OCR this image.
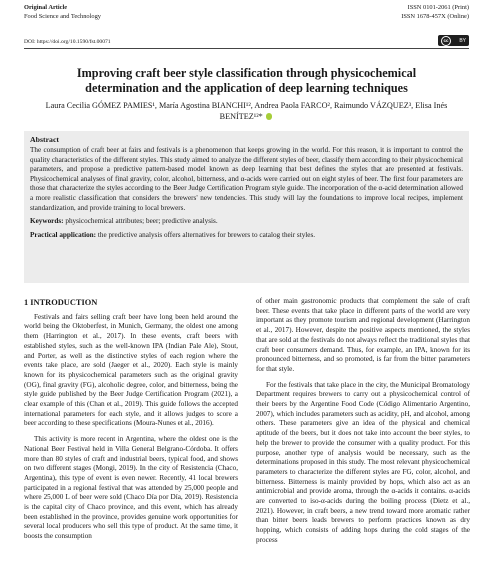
Original Article
Food Science and Technology
ISSN 0101-2061 (Print)
ISSN 1678-457X (Online)
DOI: https://doi.org/10.1590/fst.00071	cc	BY
Improving craft beer style classification through physicochemical determination and the application of deep learning techniques
Laura Cecilia GÓMEZ PAMIES¹, María Agostina BIANCHI¹², Andrea Paola FARCO², Raimundo VÁZQUEZ³, Elisa Inés BENÍTEZ¹²*
Abstract

The consumption of craft beer at fairs and festivals is a phenomenon that keeps growing in the world. For this reason, it is important to control the quality characteristics of the different styles. This study aimed to analyze the different styles of beer, classify them according to their physicochemical parameters, and propose a predictive pattern-based model known as deep learning that best defines the styles that are presented at festivals. Physicochemical analyses of final gravity, color, alcohol, bitterness, and α-acids were carried out on eight styles of beer. The first four parameters are those that characterize the styles according to the Beer Judge Certification Program style guide. The incorporation of the α-acid determination allowed a more realistic classification that considers the brewers' new tendencies. This study will lay the foundations to improve local recipes, implement standardization, and provide training to local brewers.

Keywords: physicochemical attributes; beer; predictive analysis.
Practical application: the predictive analysis offers alternatives for brewers to catalog their styles.
1 INTRODUCTION

Festivals and fairs selling craft beer have long been held around the world being the Oktoberfest, in Munich, Germany, the oldest one among them (Harrington et al., 2017). In these events, craft beers with established styles, such as the well-known IPA (Indian Pale Ale), Stout, and Porter, as well as the distinctive styles of each region where the events take place, are sold (Jaeger et al., 2020). Each style is mainly known for its physicochemical parameters such as the original gravity (OG), final gravity (FG), alcoholic degree, color, and bitterness, being the style guide published by the Beer Judge Certification Program (2021), a clear example of this (Chan et al., 2019). This guide follows the accepted international parameters for each style, and it allows judges to score a beer according to these specifications (Moura-Nunes et al., 2016).

This activity is more recent in Argentina, where the oldest one is the National Beer Festival held in Villa General Belgrano-Córdoba. It offers more than 80 styles of craft and industrial beers, typical food, and shows on two different stages (Mongi, 2019). In the city of Resistencia (Chaco, Argentina), this type of event is even newer. Recently, 41 local brewers participated in a regional festival that was attended by 25,000 people and where 25,000 L of beer were sold (Chaco Día por Día, 2019). Resistencia is the capital city of Chaco province, and this event, which has already been established in the province, provides genuine work opportunities for several local producers who sell this type of product. At the same time, it boosts the consumption

of other main gastronomic products that complement the sale of craft beer. These events that take place in different parts of the world are very important as they promote tourism and regional development (Harrington et al., 2017). However, despite the positive aspects mentioned, the styles that are sold at the festivals do not always reflect the traditional styles that craft beer consumers demand. Thus, for example, an IPA, known for its pronounced bitterness, and so promoted, is far from the bitter parameters for that style.

For the festivals that take place in the city, the Municipal Bromatology Department requires brewers to carry out a physicochemical control of their beers by the Argentine Food Code (Código Alimentario Argentino, 2007), which includes parameters such as acidity, pH, and alcohol, among others. These parameters give an idea of the physical and chemical aptitude of the beers, but it does not take into account the beer styles, to help the brewer to provide the consumer with a quality product. For this purpose, another type of analysis would be necessary, such as the determinations proposed in this study. The most relevant physicochemical parameters to characterize the different styles are FG, color, alcohol, and bitterness. Bitterness is mainly provided by hops, which also act as an antimicrobial and provide aroma, through the α-acids it contains. α-acids are converted to iso-α-acids during the boiling process (Dietz et al., 2021). However, in craft beers, a new trend toward more aromatic rather than bitter beers leads brewers to perform practices known as dry hopping, which consists of adding hops during the cold stages of the process
